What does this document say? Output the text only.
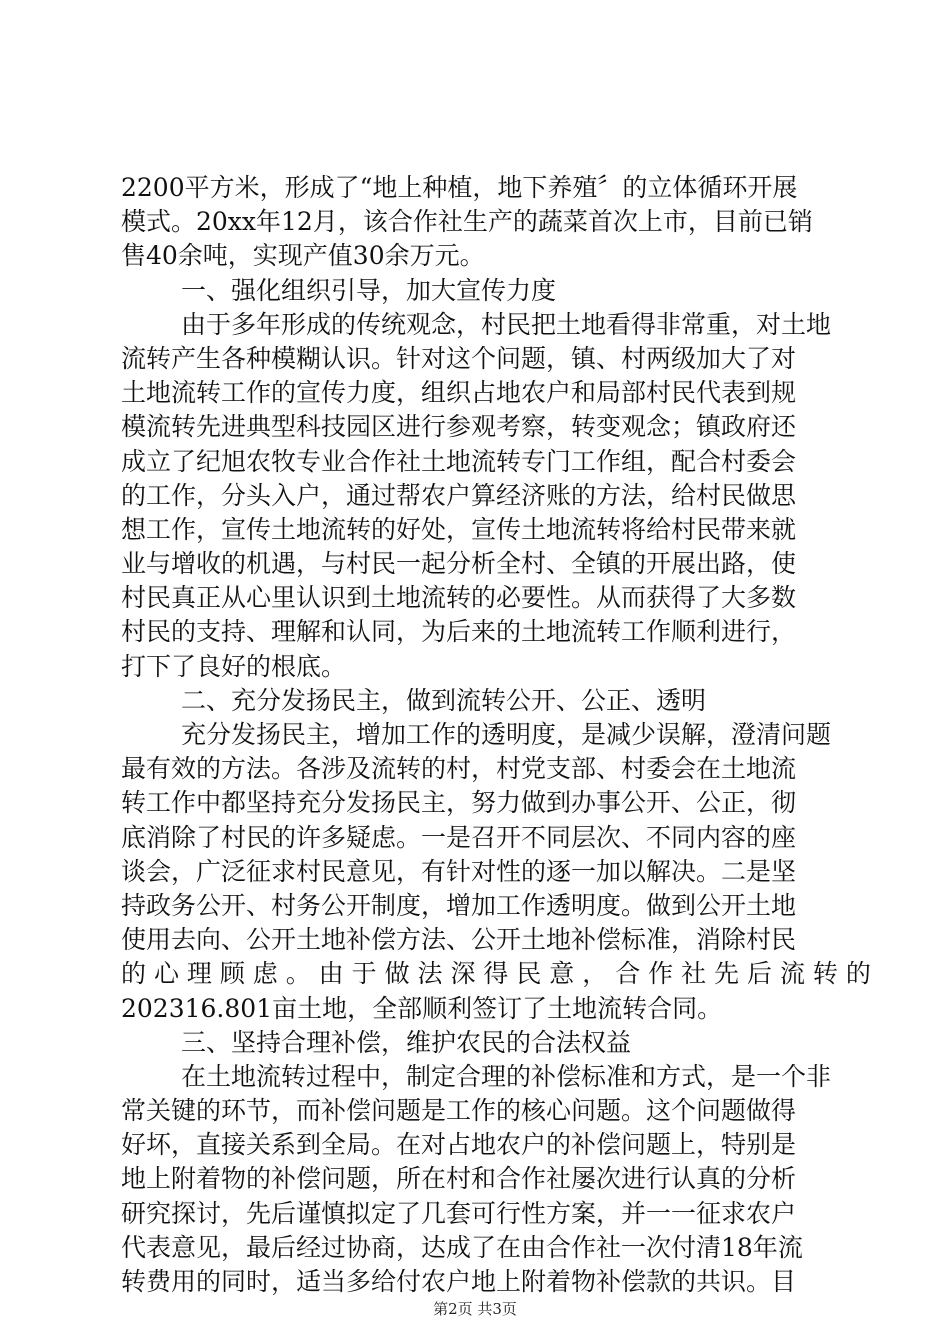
2200平方米，形成了“地上种植，地下养殖〞的立体循环开展
模式。20xx年12月，该合作社生产的蔬菜首次上市，目前已销
售40余吨，实现产值30余万元。
一、强化组织引导，加大宣传力度
由于多年形成的传统观念，村民把土地看得非常重，对土地
流转产生各种模糊认识。针对这个问题，镇、村两级加大了对
土地流转工作的宣传力度，组织占地农户和局部村民代表到规
模流转先进典型科技园区进行参观考察，转变观念；镇政府还
成立了纪旭农牧专业合作社土地流转专门工作组，配合村委会
的工作，分头入户，通过帮农户算经济账的方法，给村民做思
想工作，宣传土地流转的好处，宣传土地流转将给村民带来就
业与增收的机遇，与村民一起分析全村、全镇的开展出路，使
村民真正从心里认识到土地流转的必要性。从而获得了大多数
村民的支持、理解和认同，为后来的土地流转工作顺利进行，
打下了良好的根底。
二、充分发扬民主，做到流转公开、公正、透明
充分发扬民主，增加工作的透明度，是减少误解，澄清问题
最有效的方法。各涉及流转的村，村党支部、村委会在土地流
转工作中都坚持充分发扬民主，努力做到办事公开、公正，彻
底消除了村民的许多疑虑。一是召开不同层次、不同内容的座
谈会，广泛征求村民意见，有针对性的逐一加以解决。二是坚
持政务公开、村务公开制度，增加工作透明度。做到公开土地
使用去向、公开土地补偿方法、公开土地补偿标准，消除村民
的 心 理 顾 虑 。 由 于 做 法 深 得 民 意 ， 合 作 社 先 后 流 转 的
202316.801亩土地，全部顺利签订了土地流转合同。
三、坚持合理补偿，维护农民的合法权益
在土地流转过程中，制定合理的补偿标准和方式，是一个非
常关键的环节，而补偿问题是工作的核心问题。这个问题做得
好坏，直接关系到全局。在对占地农户的补偿问题上，特别是
地上附着物的补偿问题，所在村和合作社屡次进行认真的分析
研究探讨，先后谨慎拟定了几套可行性方案，并一一征求农户
代表意见，最后经过协商，达成了在由合作社一次付清18年流
转费用的同时，适当多给付农户地上附着物补偿款的共识。目
第2页 共3页
